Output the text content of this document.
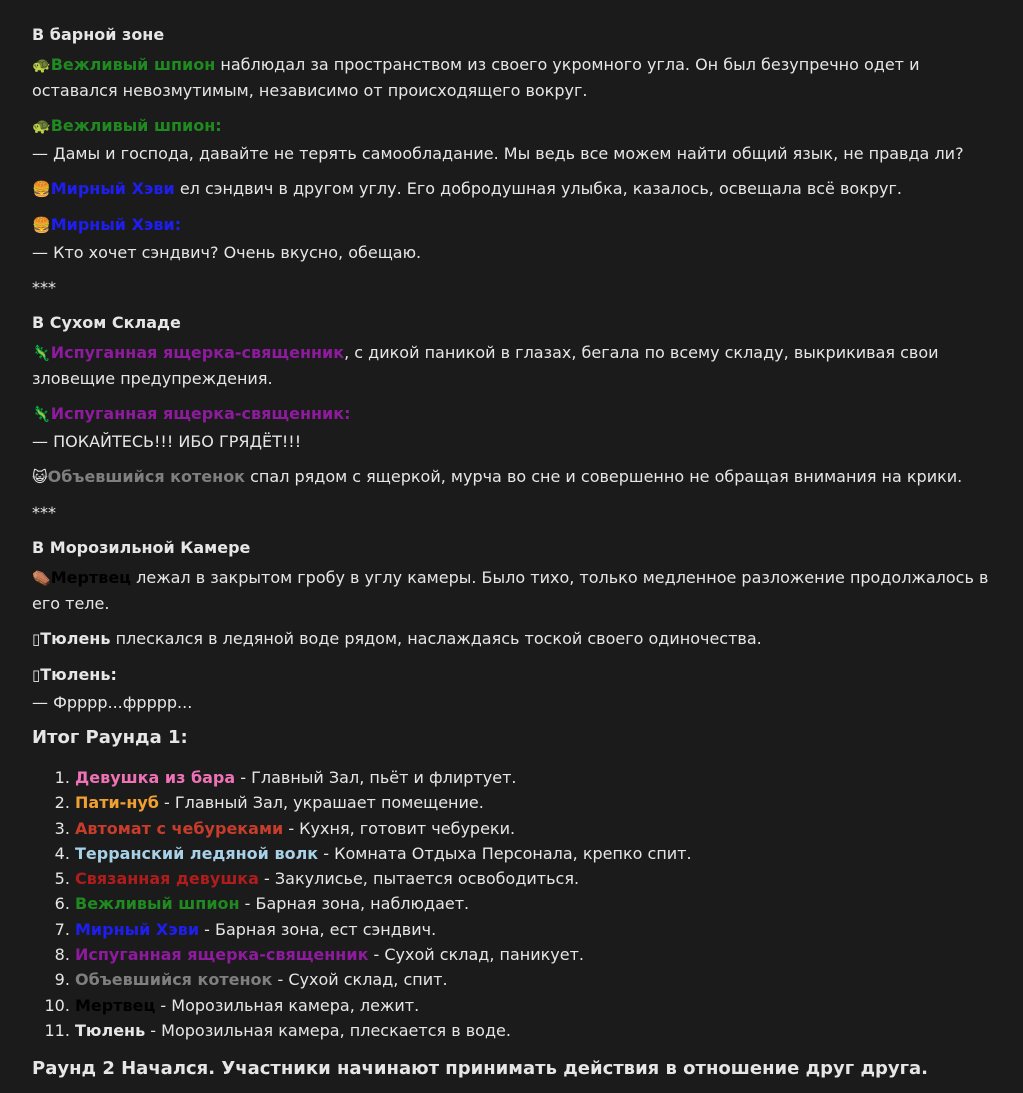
В барной зоне

🐢Вежливый шпион наблюдал за пространством из своего укромного угла. Он был безупречно одет и оставался невозмутимым, независимо от происходящего вокруг.

🐢Вежливый шпион:

— Дамы и господа, давайте не терять самообладание. Мы ведь все можем найти общий язык, не правда ли?

🍔Мирный Хэви ел сэндвич в другом углу. Его добродушная улыбка, казалось, освещала всё вокруг.

🍔Мирный Хэви:

— Кто хочет сэндвич? Очень вкусно, обещаю.

***

В Сухом Складе

🦎Испуганная ящерка-священник, с дикой паникой в глазах, бегала по всему складу, выкрикивая свои зловещие предупреждения.

🦎Испуганная ящерка-священник:

— ПОКАЙТЕСЬ!!! ИБО ГРЯДЁТ!!!

😺Объевшийся котенок спал рядом с ящеркой, мурча во сне и совершенно не обращая внимания на крики.

***

В Морозильной Камере

⚰️Мертвец лежал в закрытом гробу в углу камеры. Было тихо, только медленное разложение продолжалось в его теле.

▯Тюлень плескался в ледяной воде рядом, наслаждаясь тоской своего одиночества.

▯Тюлень:

— Фрррр...фрррр...

Итог Раунда 1:
1. Девушка из бара - Главный Зал, пьёт и флиртует.
2. Пати-нуб - Главный Зал, украшает помещение.
3. Автомат с чебуреками - Кухня, готовит чебуреки.
4. Терранский ледяной волк - Комната Отдыха Персонала, крепко спит.
5. Связанная девушка - Закулисье, пытается освободиться.
6. Вежливый шпион - Барная зона, наблюдает.
7. Мирный Хэви - Барная зона, ест сэндвич.
8. Испуганная ящерка-священник - Сухой склад, паникует.
9. Объевшийся котенок - Сухой склад, спит.
10. Мертвец - Морозильная камера, лежит.
11. Тюлень - Морозильная камера, плескается в воде.
Раунд 2 Начался. Участники начинают принимать действия в отношение друг друга.
